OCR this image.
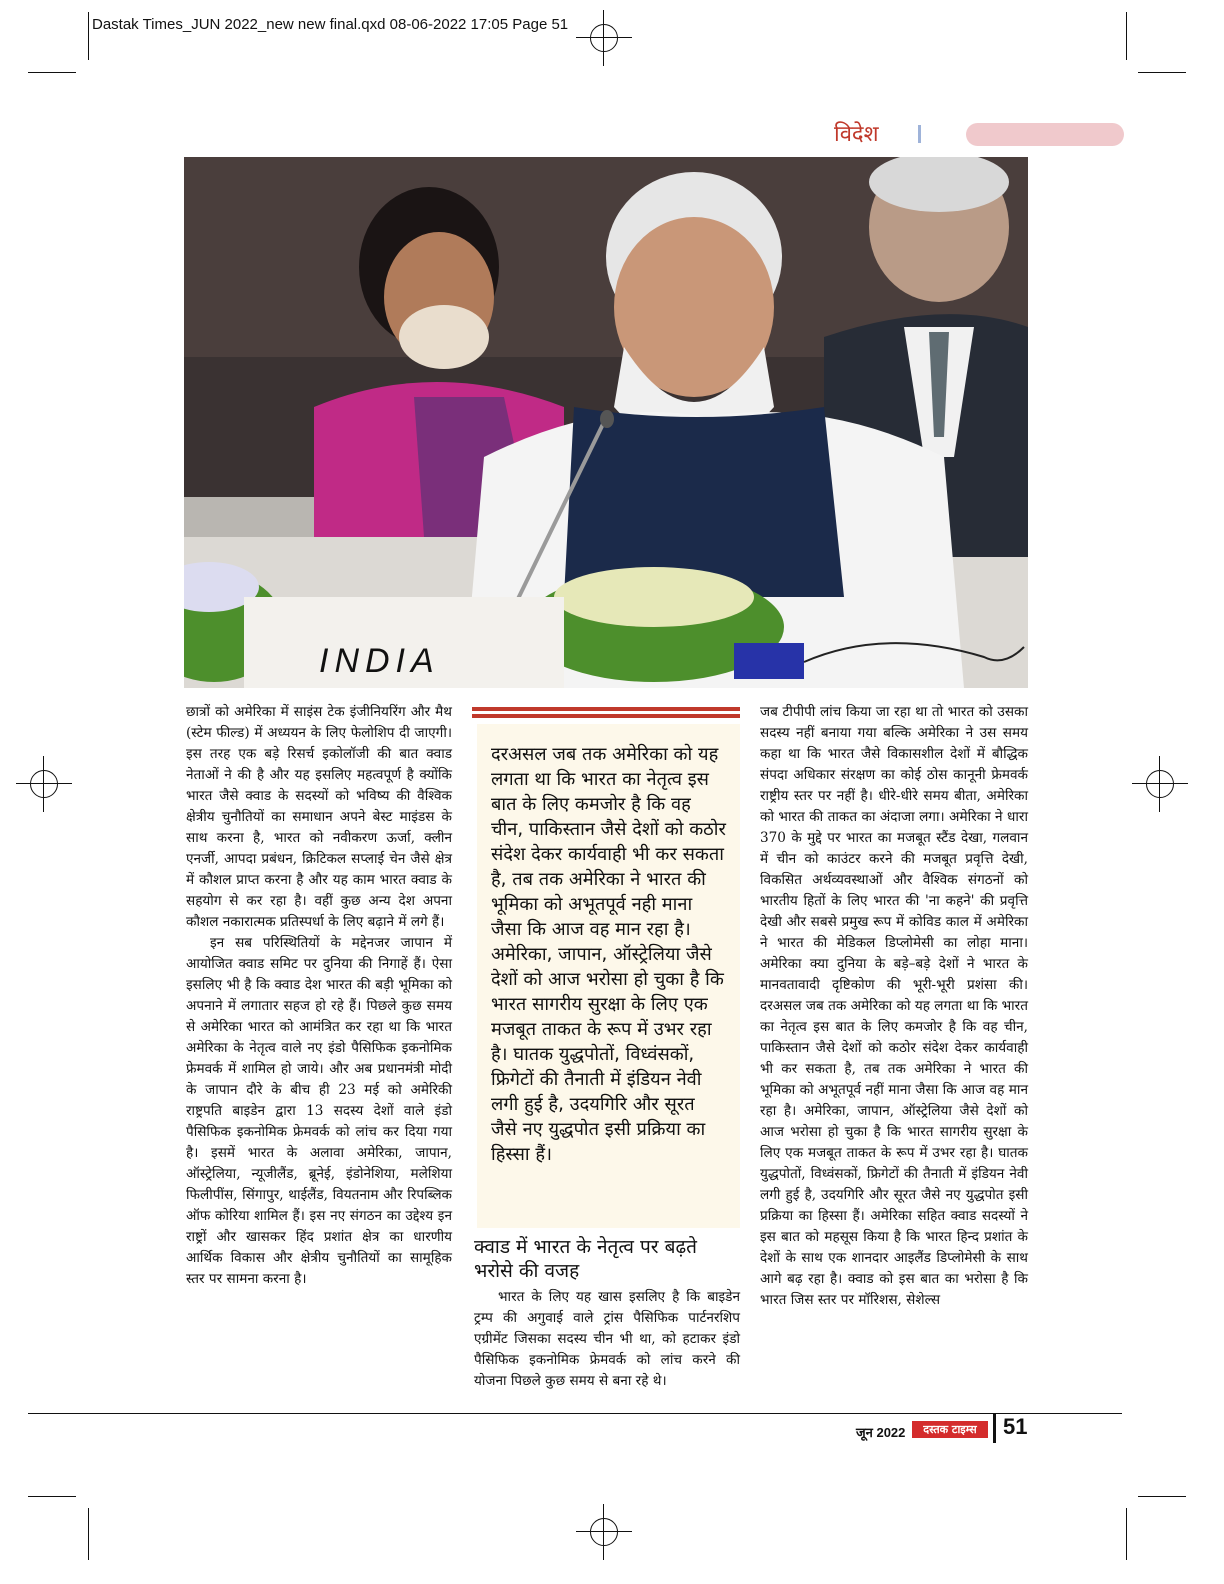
Dastak Times_JUN 2022_new new final.qxd 08-06-2022 17:05 Page 51
विदेश
INDIA

छात्रों को अमेरिका में साइंस टेक इंजीनियरिंग और मैथ (स्टेम फील्ड) में अध्ययन के लिए फेलोशिप दी जाएगी। इस तरह एक बड़े रिसर्च इकोलॉजी की बात क्वाड नेताओं ने की है और यह इसलिए महत्वपूर्ण है क्योंकि भारत जैसे क्वाड के सदस्यों को भविष्य की वैश्विक क्षेत्रीय चुनौतियों का समाधान अपने बेस्ट माइंडस के साथ करना है, भारत को नवीकरण ऊर्जा, क्लीन एनर्जी, आपदा प्रबंधन, क्रिटिकल सप्लाई चेन जैसे क्षेत्र में कौशल प्राप्त करना है और यह काम भारत क्वाड के सहयोग से कर रहा है। वहीं कुछ अन्य देश अपना कौशल नकारात्मक प्रतिस्पर्धा के लिए बढ़ाने में लगे हैं।

इन सब परिस्थितियों के मद्देनजर जापान में आयोजित क्वाड समिट पर दुनिया की निगाहें हैं। ऐसा इसलिए भी है कि क्वाड देश भारत की बड़ी भूमिका को अपनाने में लगातार सहज हो रहे हैं। पिछले कुछ समय से अमेरिका भारत को आमंत्रित कर रहा था कि भारत अमेरिका के नेतृत्व वाले नए इंडो पैसिफिक इकनोमिक फ्रेमवर्क में शामिल हो जाये। और अब प्रधानमंत्री मोदी के जापान दौरे के बीच ही 23 मई को अमेरिकी राष्ट्रपति बाइडेन द्वारा 13 सदस्य देशों वाले इंडो पैसिफिक इकनोमिक फ्रेमवर्क को लांच कर दिया गया है। इसमें भारत के अलावा अमेरिका, जापान, ऑस्ट्रेलिया, न्यूजीलैंड, ब्रूनेई, इंडोनेशिया, मलेशिया फिलीपींस, सिंगापुर, थाईलैंड, वियतनाम और रिपब्लिक ऑफ कोरिया शामिल हैं। इस नए संगठन का उद्देश्य इन राष्ट्रों और खासकर हिंद प्रशांत क्षेत्र का धारणीय आर्थिक विकास और क्षेत्रीय चुनौतियों का सामूहिक स्तर पर सामना करना है।

दरअसल जब तक अमेरिका को यह लगता था कि भारत का नेतृत्व इस बात के लिए कमजोर है कि वह चीन, पाकिस्तान जैसे देशों को कठोर संदेश देकर कार्यवाही भी कर सकता है, तब तक अमेरिका ने भारत की भूमिका को अभूतपूर्व नही माना जैसा कि आज वह मान रहा है। अमेरिका, जापान, ऑस्ट्रेलिया जैसे देशों को आज भरोसा हो चुका है कि भारत सागरीय सुरक्षा के लिए एक मजबूत ताकत के रूप में उभर रहा है। घातक युद्धपोतों, विध्वंसकों, फ्रिगेटों की तैनाती में इंडियन नेवी लगी हुई है, उदयगिरि और सूरत जैसे नए युद्धपोत इसी प्रक्रिया का हिस्सा हैं।

क्वाड में भारत के नेतृत्व पर बढ़ते भरोसे की वजह

भारत के लिए यह खास इसलिए है कि बाइडेन ट्रम्प की अगुवाई वाले ट्रांस पैसिफिक पार्टनरशिप एग्रीमेंट जिसका सदस्य चीन भी था, को हटाकर इंडो पैसिफिक इकनोमिक फ्रेमवर्क को लांच करने की योजना पिछले कुछ समय से बना रहे थे।

जब टीपीपी लांच किया जा रहा था तो भारत को उसका सदस्य नहीं बनाया गया बल्कि अमेरिका ने उस समय कहा था कि भारत जैसे विकासशील देशों में बौद्धिक संपदा अधिकार संरक्षण का कोई ठोस कानूनी फ्रेमवर्क राष्ट्रीय स्तर पर नहीं है। धीरे-धीरे समय बीता, अमेरिका को भारत की ताकत का अंदाजा लगा। अमेरिका ने धारा 370 के मुद्दे पर भारत का मजबूत स्टैंड देखा, गलवान में चीन को काउंटर करने की मजबूत प्रवृत्ति देखी, विकसित अर्थव्यवस्थाओं और वैश्विक संगठनों को भारतीय हितों के लिए भारत की 'ना कहने' की प्रवृत्ति देखी और सबसे प्रमुख रूप में कोविड काल में अमेरिका ने भारत की मेडिकल डिप्लोमेसी का लोहा माना। अमेरिका क्या दुनिया के बड़े–बड़े देशों ने भारत के मानवतावादी दृष्टिकोण की भूरी-भूरी प्रशंसा की। दरअसल जब तक अमेरिका को यह लगता था कि भारत का नेतृत्व इस बात के लिए कमजोर है कि वह चीन, पाकिस्तान जैसे देशों को कठोर संदेश देकर कार्यवाही भी कर सकता है, तब तक अमेरिका ने भारत की भूमिका को अभूतपूर्व नहीं माना जैसा कि आज वह मान रहा है। अमेरिका, जापान, ऑस्ट्रेलिया जैसे देशों को आज भरोसा हो चुका है कि भारत सागरीय सुरक्षा के लिए एक मजबूत ताकत के रूप में उभर रहा है। घातक युद्धपोतों, विध्वंसकों, फ्रिगेटों की तैनाती में इंडियन नेवी लगी हुई है, उदयगिरि और सूरत जैसे नए युद्धपोत इसी प्रक्रिया का हिस्सा हैं। अमेरिका सहित क्वाड सदस्यों ने इस बात को महसूस किया है कि भारत हिन्द प्रशांत के देशों के साथ एक शानदार आइलैंड डिप्लोमेसी के साथ आगे बढ़ रहा है। क्वाड को इस बात का भरोसा है कि भारत जिस स्तर पर मॉरिशस, सेशेल्स

जून 2022	दस्तक टाइम्स	51
